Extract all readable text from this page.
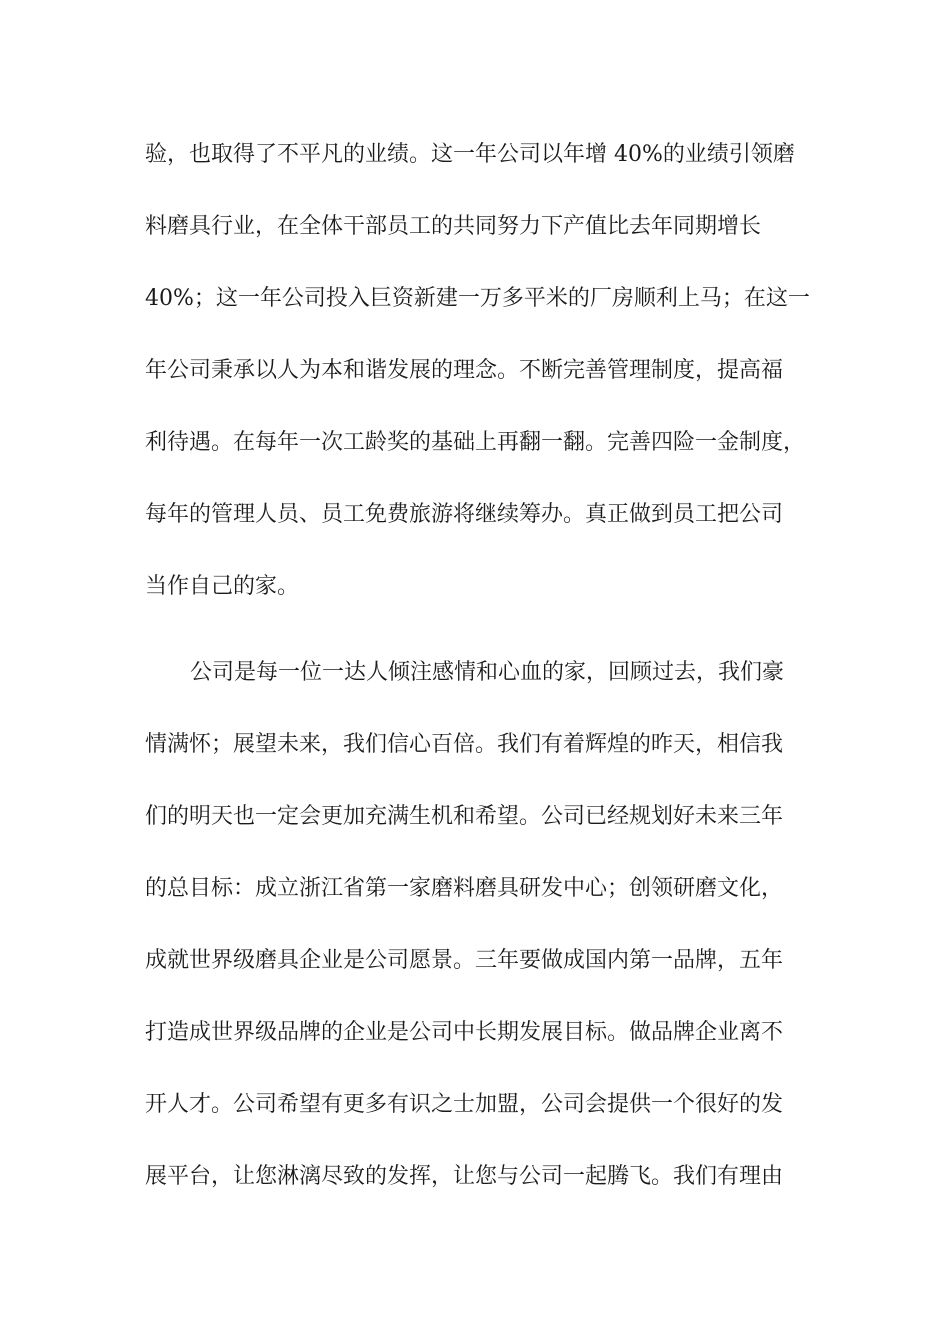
验，也取得了不平凡的业绩。这一年公司以年增 40%的业绩引领磨
料磨具行业，在全体干部员工的共同努力下产值比去年同期增长
40%；这一年公司投入巨资新建一万多平米的厂房顺利上马；在这一
年公司秉承以人为本和谐发展的理念。不断完善管理制度，提高福
利待遇。在每年一次工龄奖的基础上再翻一翻。完善四险一金制度，
每年的管理人员、员工免费旅游将继续筹办。真正做到员工把公司
当作自己的家。
公司是每一位一达人倾注感情和心血的家，回顾过去，我们豪
情满怀；展望未来，我们信心百倍。我们有着辉煌的昨天，相信我
们的明天也一定会更加充满生机和希望。公司已经规划好未来三年
的总目标：成立浙江省第一家磨料磨具研发中心；创领研磨文化，
成就世界级磨具企业是公司愿景。三年要做成国内第一品牌，五年
打造成世界级品牌的企业是公司中长期发展目标。做品牌企业离不
开人才。公司希望有更多有识之士加盟，公司会提供一个很好的发
展平台，让您淋漓尽致的发挥，让您与公司一起腾飞。我们有理由
